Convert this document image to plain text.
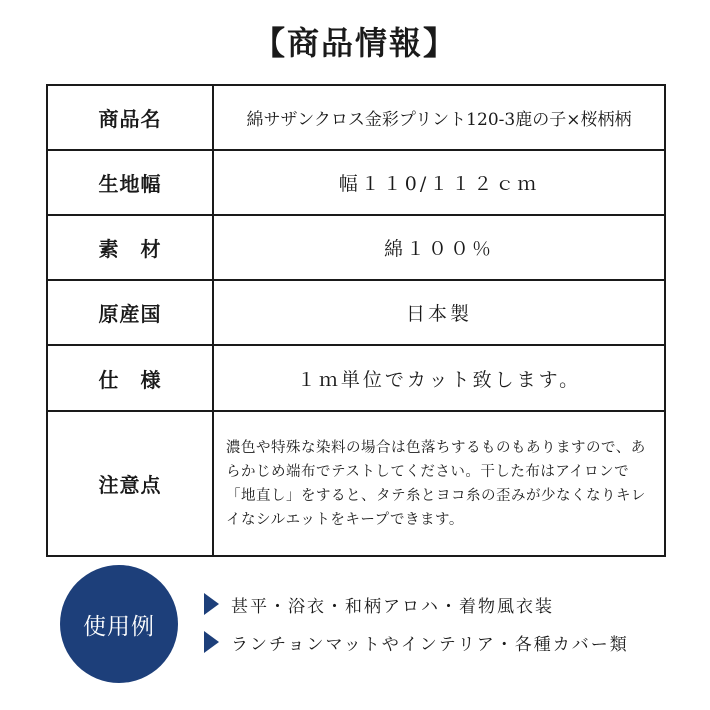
【商品情報】
商品名	綿サザンクロス金彩プリント120-3鹿の子×桜柄柄
生地幅	幅１１0/１１２ｃｍ
素　材	綿１００％
原産国	日本製
仕　様	１ｍ単位でカット致します。
注意点	濃色や特殊な染料の場合は色落ちするものもありますので、あらかじめ端布でテストしてください。干した布はアイロンで「地直し」をすると、タテ糸とヨコ糸の歪みが少なくなりキレイなシルエットをキープできます。
使用例
甚平・浴衣・和柄アロハ・着物風衣装
ランチョンマットやインテリア・各種カバー類
